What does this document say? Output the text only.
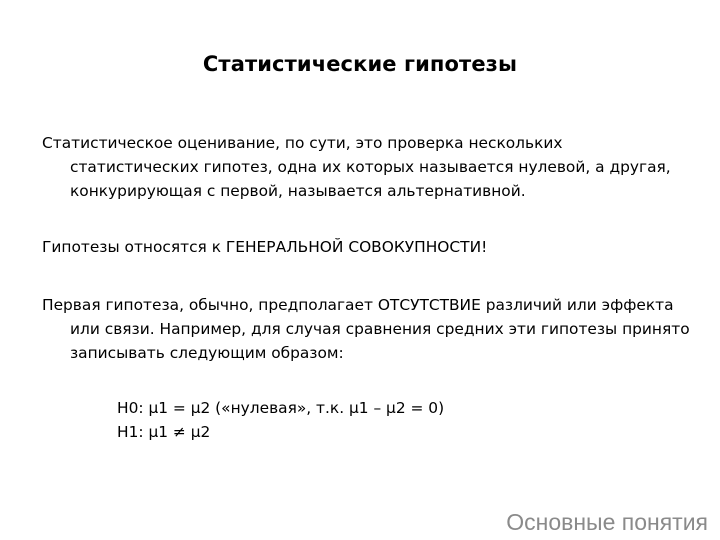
Статистические гипотезы

Статистическое оценивание, по сути, это проверка нескольких статистических гипотез, одна их которых называется нулевой, а другая, конкурирующая с первой, называется альтернативной.

Гипотезы относятся к ГЕНЕРАЛЬНОЙ СОВОКУПНОСТИ!

Первая гипотеза, обычно, предполагает ОТСУТСТВИЕ различий или эффекта или связи. Например, для случая сравнения средних эти гипотезы принято записывать следующим образом:

H0: µ1 = µ2 («нулевая», т.к. µ1 – µ2 = 0)

H1: µ1 ≠ µ2

Основные понятия
